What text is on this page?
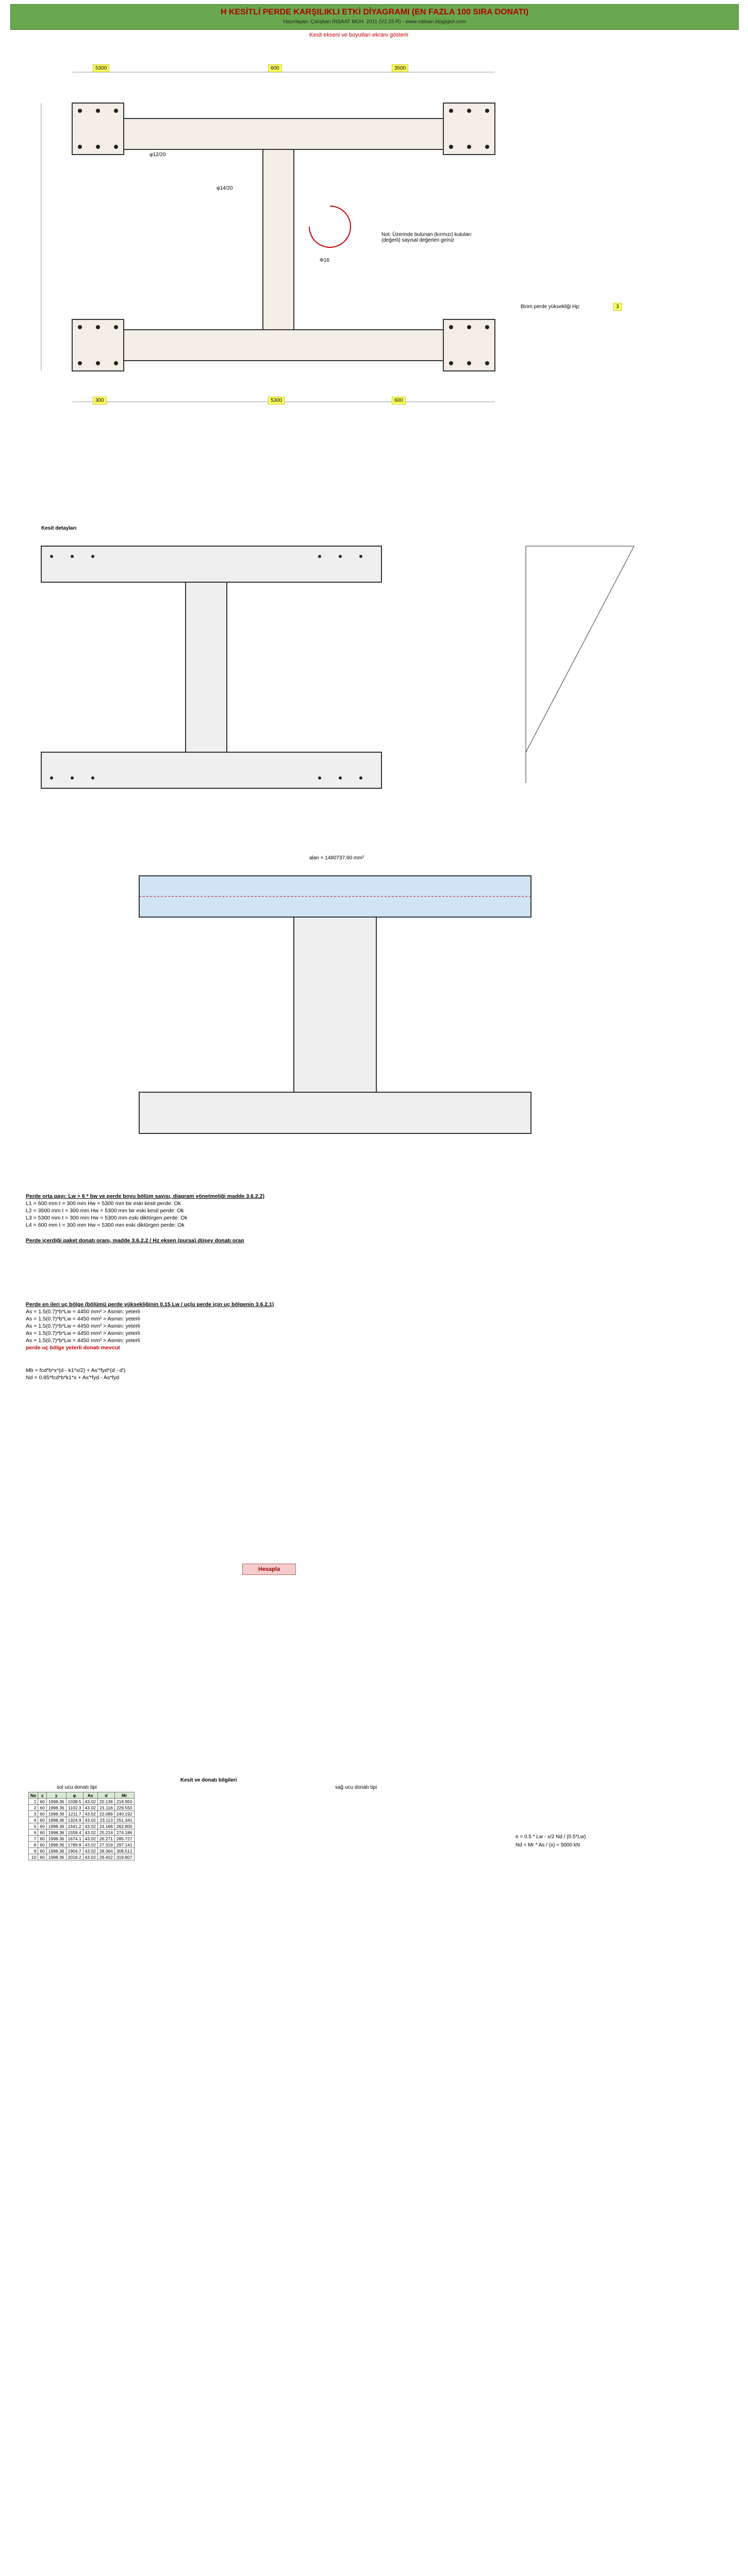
H KESİTLİ PERDE KARŞILIKLI ETKİ DİYAGRAMI (EN FAZLA 100 SIRA DONATI)
Hazırlayan: Çalışkan İNŞAAT MÜH. 2011 (V2.25 R) - www.calisan.blogspot.com
Kesit ekseni ve boyutları ekranı gösterir
5300	600	3500
300	5300	600
φ12/20
φ14/20
Φ16
Not: Üzerinde bulunan (kırmızı) kutuları (değerli) sayısal değerleri giriniz
Birim perde yüksekliği Hp:	3
Kesit detayları
alan = 1480737.60 mm²
Perde orta payı: Lw > 6 * bw ve perde boyu bölüm sayısı, diagram yönetmeliği madde 3.6.2.2)
L1 = 600 mm t = 300 mm Hw = 5300 mm bir eski kesit perde: Ok
L2 = 3500 mm t = 300 mm Hw = 5300 mm bir eski kesit perde: Ok
L3 = 5300 mm t = 300 mm Hw = 5300 mm eski diktörgen perde: Ok
L4 = 600 mm t = 300 mm Hw = 5300 mm eski diktörgen perde: Ok
Perde içerdiği paket donatı oranı, madde 3.6.2.2 / Hz eksen (pursa) düşey donatı oran
Perde en ileri uç bölge (bölümü perde yüksekliğinin 0.15 Lw / uçlu perde için uç bölgenin 3.6.2.1)
As = 1.5(0.7)*b*Lw = 4450 mm² > Asmin: yeterli
As = 1.5(0.7)*b*Lw = 4450 mm² > Asmin: yeterli
As = 1.5(0.7)*b*Lw = 4450 mm² > Asmin: yeterli
As = 1.5(0.7)*b*Lw = 4450 mm² > Asmin: yeterli
As = 1.5(0.7)*b*Lw = 4450 mm² > Asmin: yeterli
perde uç bölge yeterli donatı mevcut
Mb = fcd*b*x*(d - k1*x/2) + As'*fyd*(d - d')
Nd = 0.85*fcd*b*k1*x + As'*fyd - As*fyd
Hesapla
Kesit ve donatı bilgileri
sol ucu donatı tipi	sağ ucu donatı tipi
No	x	y	φ	As	d	Mr
1	60	1998.36	1038.5	43.02	20.136	218.950
2	60	1998.36	1102.3	43.02	21.116	229.550
3	60	1998.36	1211.7	43.02	22.089	240.192
4	60	1998.36	1324.9	43.02	23.113	251.341
5	60	1998.36	1441.2	43.02	24.166	262.800
6	60	1998.36	1558.4	43.02	25.214	274.186
7	60	1998.36	1674.1	43.02	26.271	285.727
8	60	1998.36	1789.8	43.02	27.319	297.141
9	60	1998.36	1904.7	43.02	28.364	308.512
10	60	1998.36	2018.2	43.02	29.402	319.807
e = 0.5 * Lw - x/2 Nd / (0.5*Lw)
Nd = Mr * As / (x) = 5000 kN
